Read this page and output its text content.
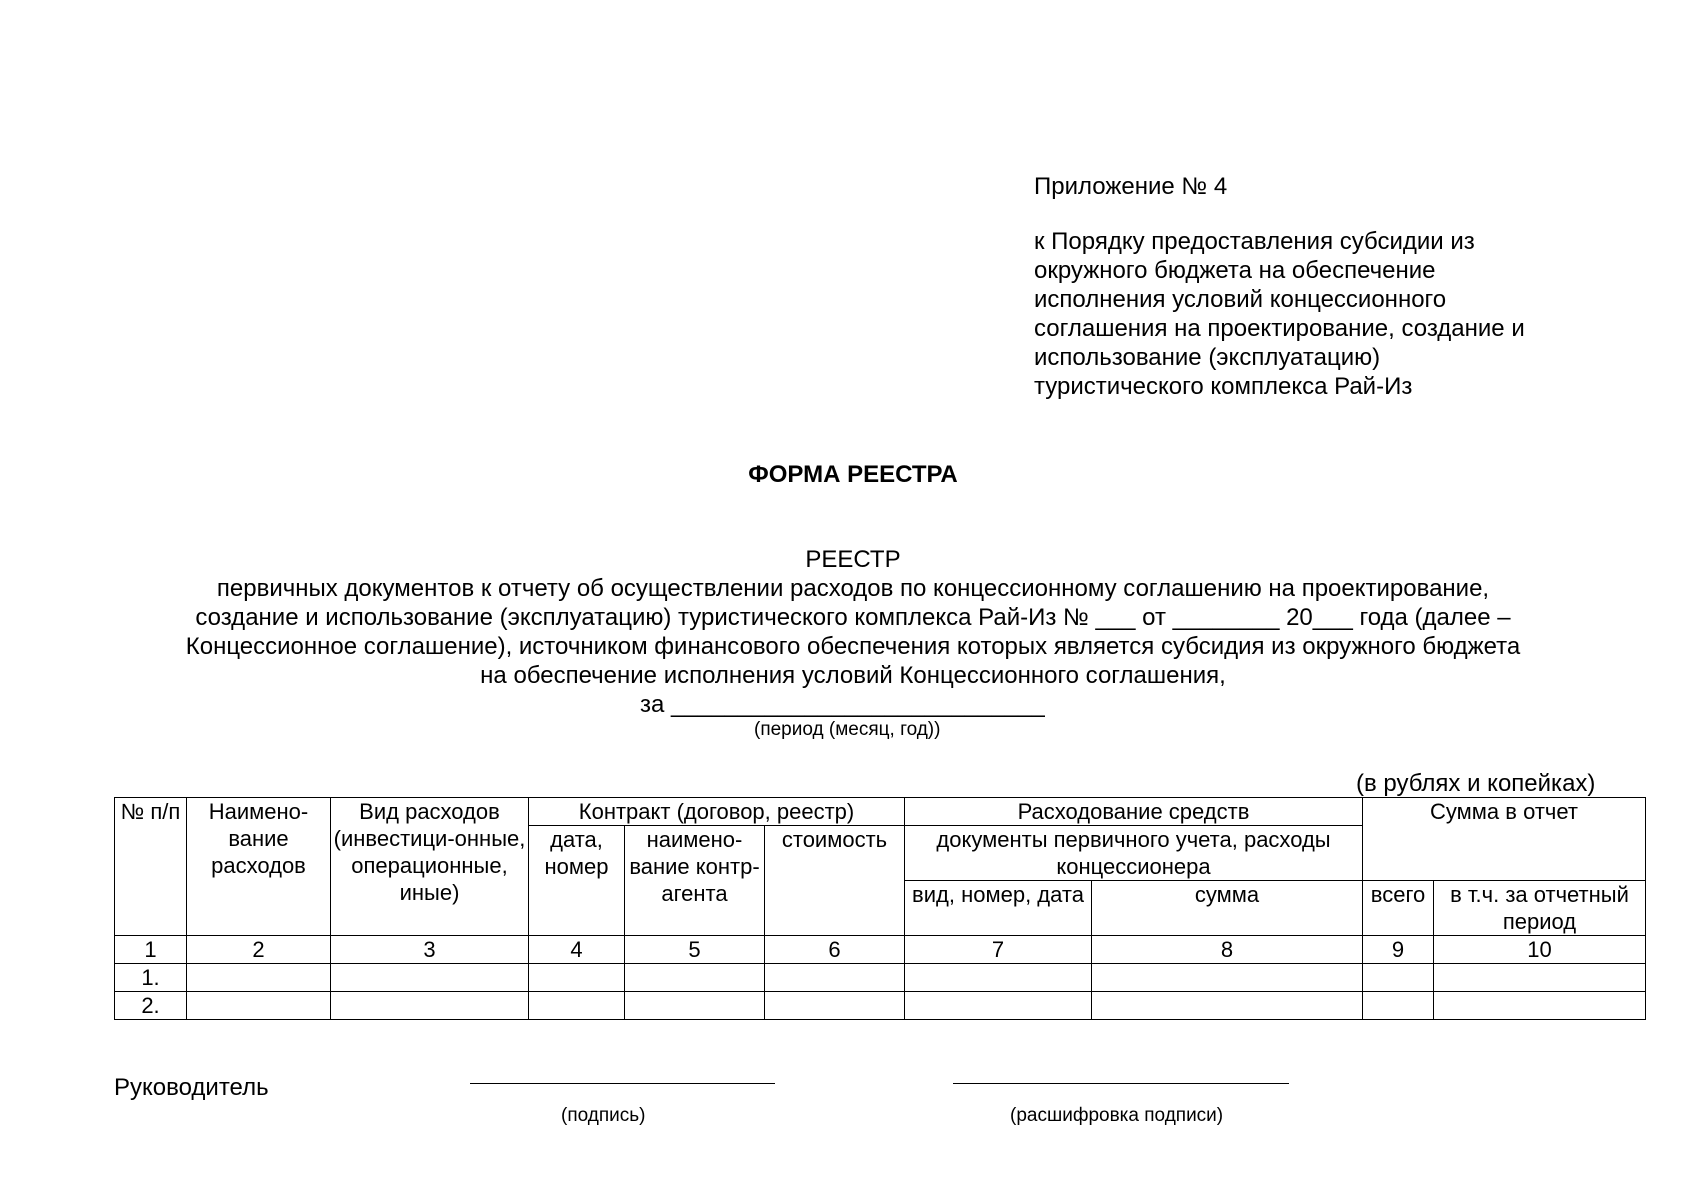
Приложение № 4
к Порядку предоставления субсидии из
окружного бюджета на обеспечение
исполнения условий концессионного
соглашения на проектирование, создание и
использование (эксплуатацию)
туристического комплекса Рай-Из
ФОРМА РЕЕСТРА
РЕЕСТР
первичных документов к отчету об осуществлении расходов по концессионному соглашению на проектирование,
создание и использование (эксплуатацию) туристического комплекса Рай-Из № ___ от ________ 20___ года (далее –
Концессионное соглашение), источником финансового обеспечения которых является субсидия из окружного бюджета
на обеспечение исполнения условий Концессионного соглашения,
за ____________________________
(период (месяц, год))
(в рублях и копейках)
№ п/п	Наимено-вание расходов	Вид расходов (инвестици-онные, операционные, иные)	Контракт (договор, реестр)			Расходование средств		Сумма в отчет	
			дата, номер	наимено-вание контр-агента	стоимость	документы первичного учета, расходы концессионера			
						вид, номер, дата	сумма	всего	в т.ч. за отчетный период
1	2	3	4	5	6	7	8	9	10
1.									
2.									
Руководитель
(подпись)	(расшифровка подписи)
